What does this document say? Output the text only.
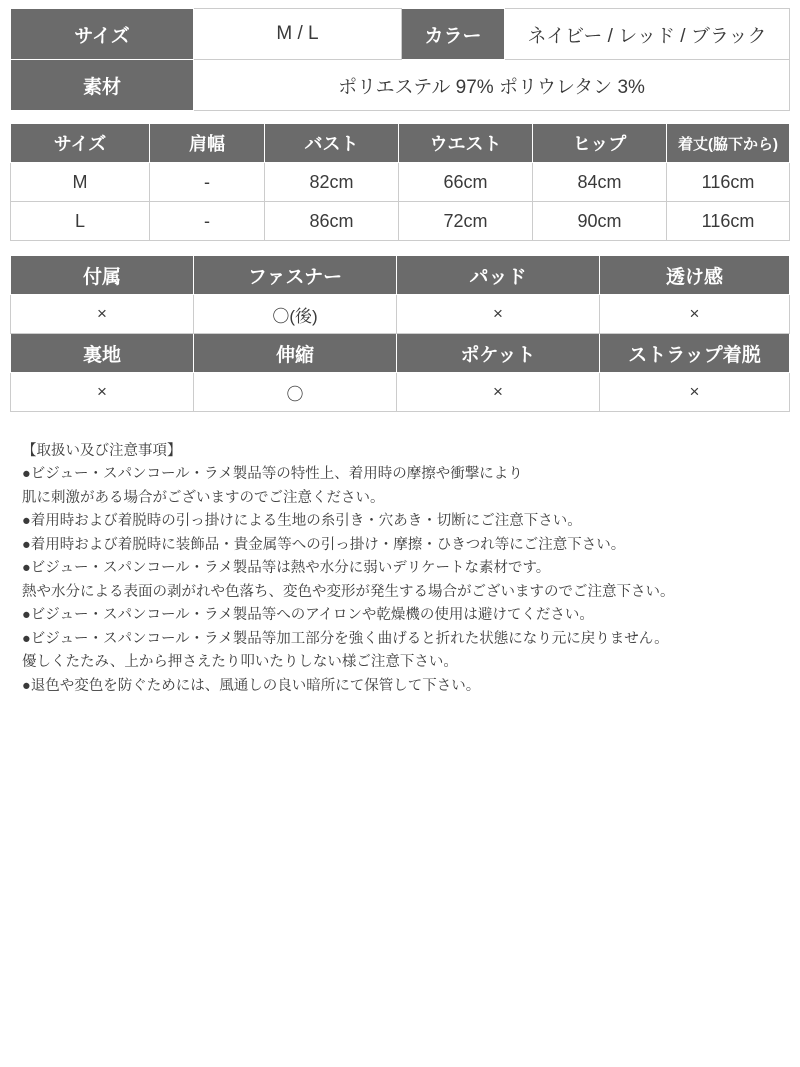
サイズ	M / L	カラー	ネイビー / レッド / ブラック
素材	ポリエステル 97% ポリウレタン 3%		
サイズ	肩幅	バスト	ウエスト	ヒップ	着丈(脇下から)
M	-	82cm	66cm	84cm	116cm
L	-	86cm	72cm	90cm	116cm
付属	ファスナー	パッド	透け感
×	〇(後)	×	×
裏地	伸縮	ポケット	ストラップ着脱
×	〇	×	×
【取扱い及び注意事項】
●ビジュー・スパンコール・ラメ製品等の特性上、着用時の摩擦や衝撃により
肌に刺激がある場合がございますのでご注意ください。
●着用時および着脱時の引っ掛けによる生地の糸引き・穴あき・切断にご注意下さい。
●着用時および着脱時に装飾品・貴金属等への引っ掛け・摩擦・ひきつれ等にご注意下さい。
●ビジュー・スパンコール・ラメ製品等は熱や水分に弱いデリケートな素材です。
熱や水分による表面の剥がれや色落ち、変色や変形が発生する場合がございますのでご注意下さい。
●ビジュー・スパンコール・ラメ製品等へのアイロンや乾燥機の使用は避けてください。
●ビジュー・スパンコール・ラメ製品等加工部分を強く曲げると折れた状態になり元に戻りません。
優しくたたみ、上から押さえたり叩いたりしない様ご注意下さい。
●退色や変色を防ぐためには、風通しの良い暗所にて保管して下さい。
